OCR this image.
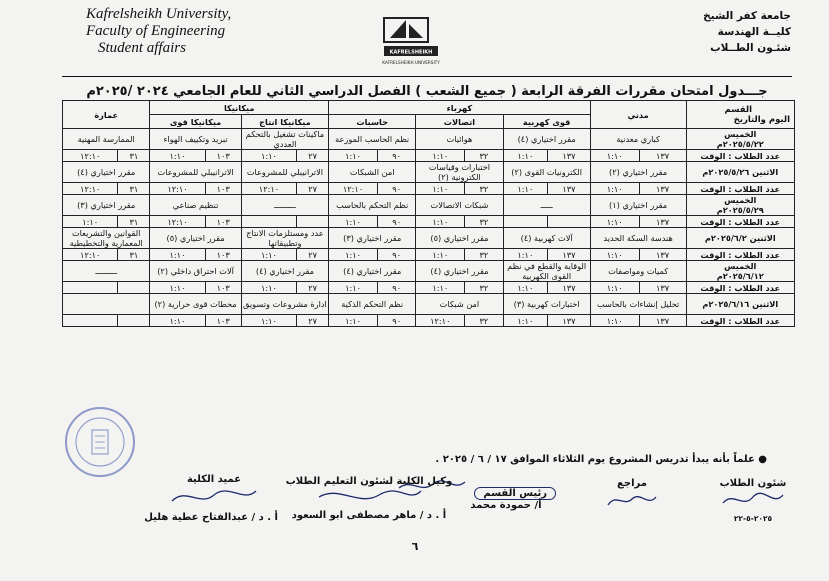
Kafrelsheikh University,
Faculty of Engineering
Student affairs	KAFRELSHEIKH
KAFRELSHEIKH UNIVERSITY
جامعة كفر الشيخ
كليــة الهندسة
شئـون الطــلاب
جـــدول امتحان مقررات الفرقة الرابعة ( جميع الشعب ) الفصل الدراسي الثاني للعام الجامعي ٢٠٢٤ /٢٠٢٥م
القسم
اليوم والتاريخ	مدني		كهرباء						ميكانيكا				عمارة	
			قوى كهربية		اتصالات		حاسبات		ميكانيكا انتاج		ميكانيكا قوى			
الخميس
٢٠٢٥/٥/٢٢م	كباري معدنية		مقرر اختياري (٤)		هوائيات		نظم الحاسب الموزعة		ماكينات تشغيل بالتحكم العددي		تبريد وتكييف الهواء		الممارسة المهنية	
عدد الطلاب : الوقت	١٣٧	١:١٠	١٣٧	١:١٠	٣٢	١:١٠	٩٠	١:١٠	٢٧	١:١٠	١٠٣	١:١٠	٣١	١٢:١٠
الاثنين ٢٠٢٥/٥/٢٦م	مقرر اختياري (٢)		الكترونيات القوى (٢)		اختبارات وقياسات الكترونية (٢)		امن الشبكات		الاترانيبلي للمشروعات		الاترانيبلي للمشروعات		مقرر اختياري (٤)	
عدد الطلاب : الوقت	١٣٧	١:١٠	١٣٧	١:١٠	٣٢	١:١٠	٩٠	١٢:١٠	٢٧	١٢:١٠	١٠٣	١٢:١٠	٣١	١٢:١٠
الخميس
٢٠٢٥/٥/٢٩م	مقرر اختياري (١)		ـــــ		شبكات الاتصالات		نظم التحكم بالحاسب		ـــــــــ		تنظيم صناعي		مقرر اختياري (٣)	
عدد الطلاب : الوقت	١٣٧	١:١٠			٣٢	١:١٠	٩٠	١:١٠			١٠٣	١٢:١٠	٣١	١:١٠
الاثنين ٢٠٢٥/٦/٢م	هندسة السكة الحديد		آلات كهربية (٤)		مقرر اختياري (٥)		مقرر اختياري (٣)		عدد ومستلزمات الانتاج وتطبيقاتها		مقرر اختياري (٥)		القوانين والتشريعات المعمارية والتخطيطية	
عدد الطلاب : الوقت	١٣٧	١:١٠	١٣٧	١:١٠	٣٢	١:١٠	٩٠	١:١٠	٢٧	١:١٠	١٠٣	١:١٠	٣١	١٢:١٠
الخميس
٢٠٢٥/٦/١٢م	كميات ومواصفات		الوقاية والقطع في نظم القوى الكهربية		مقرر اختياري (٤)		مقرر اختياري (٤)		مقرر اختياري (٤)		آلات احتراق داخلي (٢)		ـــــــــ	
عدد الطلاب : الوقت	١٣٧	١:١٠	١٣٧	١:١٠	٣٢	١:١٠	٩٠	١:١٠	٢٧	١:١٠	١٠٣	١:١٠		
الاثنين ٢٠٢٥/٦/١٦م	تحليل إنشاءات بالحاسب		اختبارات كهربية (٣)		امن شبكات		نظم التحكم الذكية		ادارة مشروعات وتسويق		محطات قوى حرارية (٢)			
عدد الطلاب : الوقت	١٣٧	١:١٠	١٣٧	١:١٠	٣٢	١٢:١٠	٩٠	١:١٠	٢٧	١:١٠	١٠٣	١:١٠		
● علماً بأنه يبدأ تدريس المشروع يوم الثلاثاء الموافق ١٧ / ٦ / ٢٠٢٥ .
شئون الطلاب
٢٠٢٥-٥-٢٢
مراجع
رئيس القسم
أ/ حمودة محمد
وكيل الكلية لشئون التعليم الطلاب
أ . د / ماهر مصطفى ابو السعود
عميد الكلية
أ . د / عبدالفتاح عطية هليل
٦
